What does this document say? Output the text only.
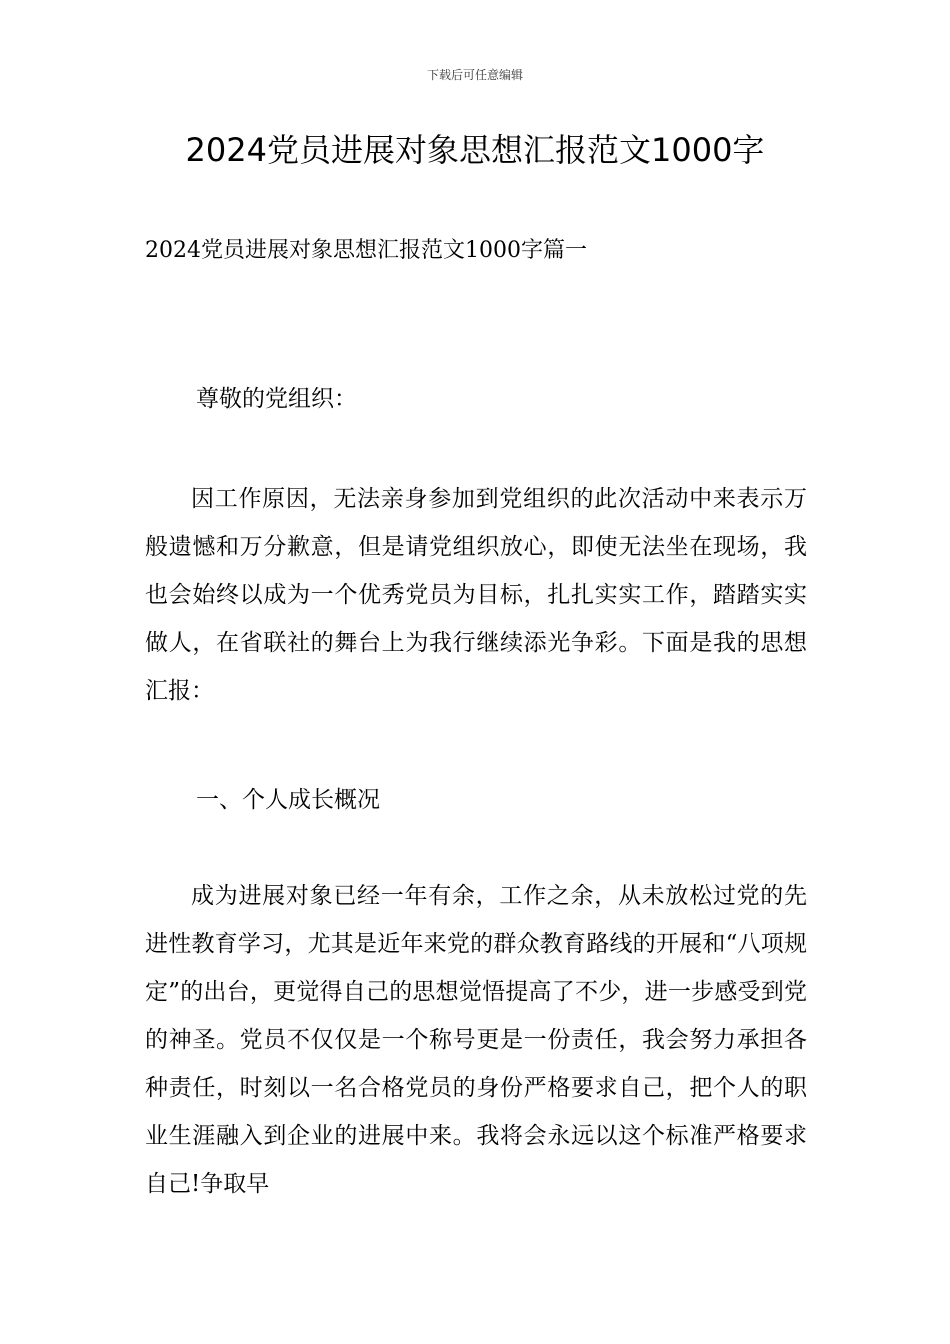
下载后可任意编辑
2024党员进展对象思想汇报范文1000字
2024党员进展对象思想汇报范文1000字篇一
尊敬的党组织：

因工作原因，无法亲身参加到党组织的此次活动中来表示万般遗憾和万分歉意，但是请党组织放心，即使无法坐在现场，我也会始终以成为一个优秀党员为目标，扎扎实实工作，踏踏实实做人，在省联社的舞台上为我行继续添光争彩。下面是我的思想汇报：

一、个人成长概况

成为进展对象已经一年有余，工作之余，从未放松过党的先进性教育学习，尤其是近年来党的群众教育路线的开展和“八项规定”的出台，更觉得自己的思想觉悟提高了不少，进一步感受到党的神圣。党员不仅仅是一个称号更是一份责任，我会努力承担各种责任，时刻以一名合格党员的身份严格要求自己，把个人的职业生涯融入到企业的进展中来。我将会永远以这个标准严格要求自己!争取早
